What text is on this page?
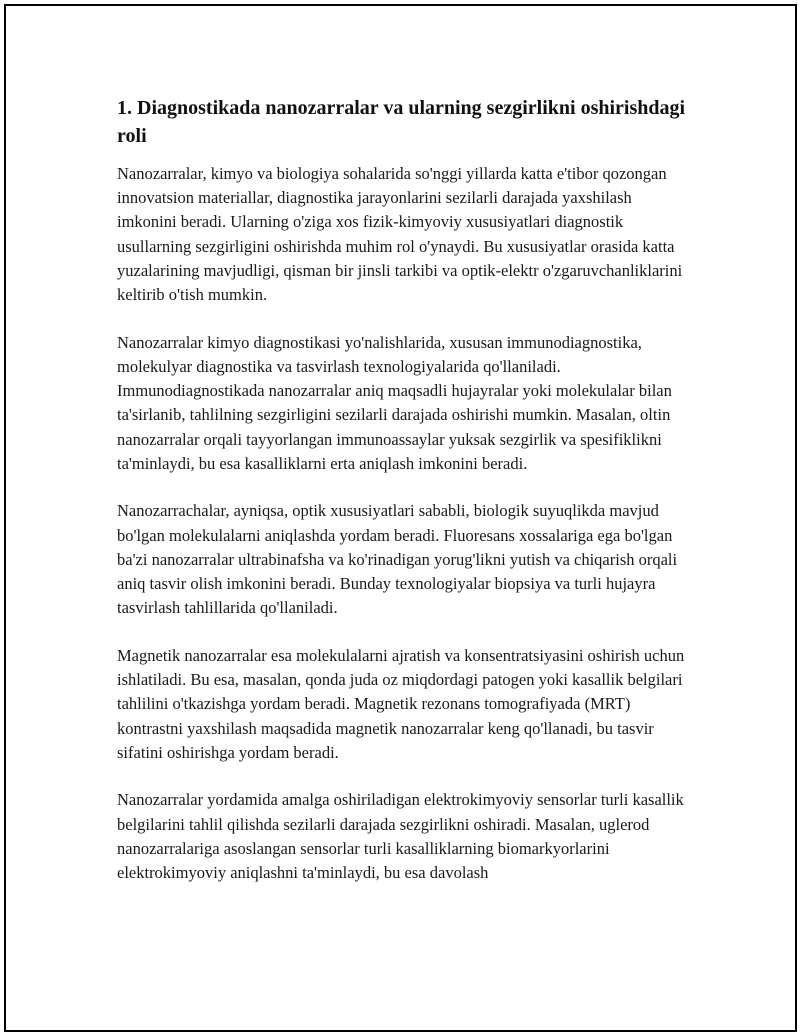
1. Diagnostikada nanozarralar va ularning sezgirlikni oshirishdagi roli

Nanozarralar, kimyo va biologiya sohalarida so'nggi yillarda katta e'tibor qozongan innovatsion materiallar, diagnostika jarayonlarini sezilarli darajada yaxshilash imkonini beradi. Ularning o'ziga xos fizik-kimyoviy xususiyatlari diagnostik usullarning sezgirligini oshirishda muhim rol o'ynaydi. Bu xususiyatlar orasida katta yuzalarining mavjudligi, qisman bir jinsli tarkibi va optik-elektr o'zgaruvchanliklarini keltirib o'tish mumkin.

Nanozarralar kimyo diagnostikasi yo'nalishlarida, xususan immunodiagnostika, molekulyar diagnostika va tasvirlash texnologiyalarida qo'llaniladi. Immunodiagnostikada nanozarralar aniq maqsadli hujayralar yoki molekulalar bilan ta'sirlanib, tahlilning sezgirligini sezilarli darajada oshirishi mumkin. Masalan, oltin nanozarralar orqali tayyorlangan immunoassaylar yuksak sezgirlik va spesifiklikni ta'minlaydi, bu esa kasalliklarni erta aniqlash imkonini beradi.

Nanozarrachalar, ayniqsa, optik xususiyatlari sababli, biologik suyuqlikda mavjud bo'lgan molekulalarni aniqlashda yordam beradi. Fluoresans xossalariga ega bo'lgan ba'zi nanozarralar ultrabinafsha va ko'rinadigan yorug'likni yutish va chiqarish orqali aniq tasvir olish imkonini beradi. Bunday texnologiyalar biopsiya va turli hujayra tasvirlash tahlillarida qo'llaniladi.

Magnetik nanozarralar esa molekulalarni ajratish va konsentratsiyasini oshirish uchun ishlatiladi. Bu esa, masalan, qonda juda oz miqdordagi patogen yoki kasallik belgilari tahlilini o'tkazishga yordam beradi. Magnetik rezonans tomografiyada (MRT) kontrastni yaxshilash maqsadida magnetik nanozarralar keng qo'llanadi, bu tasvir sifatini oshirishga yordam beradi.

Nanozarralar yordamida amalga oshiriladigan elektrokimyoviy sensorlar turli kasallik belgilarini tahlil qilishda sezilarli darajada sezgirlikni oshiradi. Masalan, uglerod nanozarralariga asoslangan sensorlar turli kasalliklarning biomarkyorlarini elektrokimyoviy aniqlashni ta'minlaydi, bu esa davolash
